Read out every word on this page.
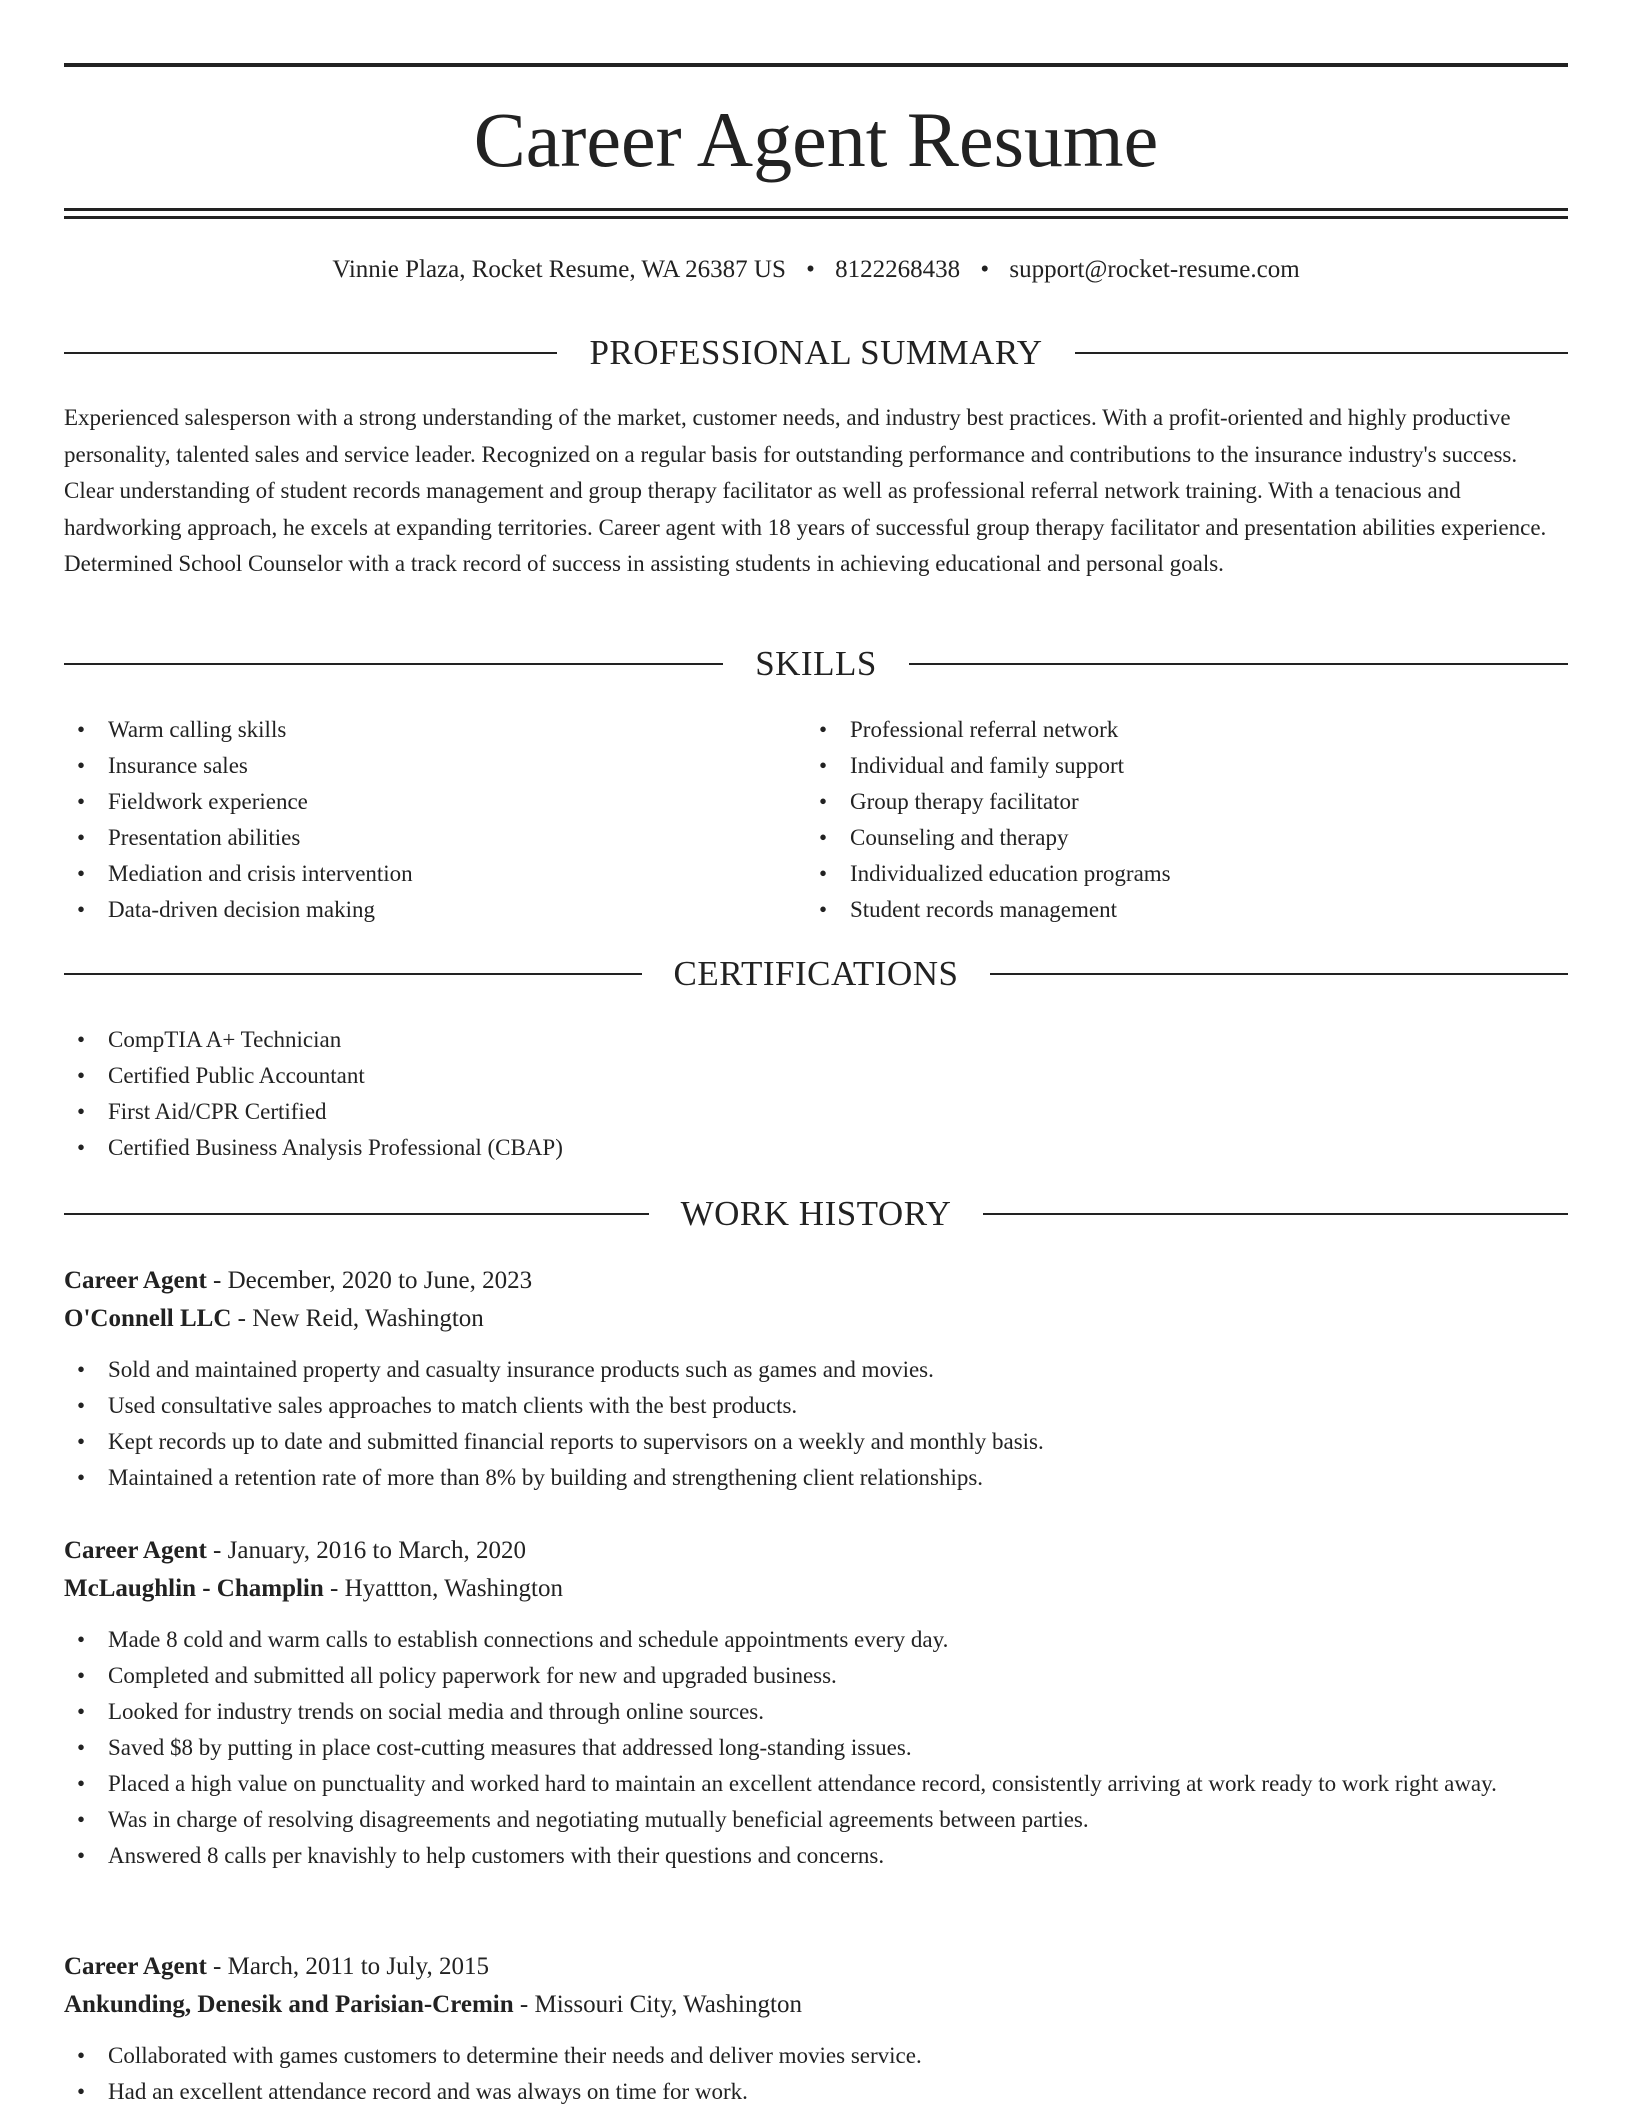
Career Agent Resume
Vinnie Plaza, Rocket Resume, WA 26387 US • 8122268438 • support@rocket-resume.com
PROFESSIONAL SUMMARY

Experienced salesperson with a strong understanding of the market, customer needs, and industry best practices. With a profit-oriented and highly productive personality, talented sales and service leader. Recognized on a regular basis for outstanding performance and contributions to the insurance industry's success. Clear understanding of student records management and group therapy facilitator as well as professional referral network training. With a tenacious and hardworking approach, he excels at expanding territories. Career agent with 18 years of successful group therapy facilitator and presentation abilities experience. Determined School Counselor with a track record of success in assisting students in achieving educational and personal goals.

SKILLS
• Warm calling skills
• Insurance sales
• Fieldwork experience
• Presentation abilities
• Mediation and crisis intervention
• Data-driven decision making
• Professional referral network
• Individual and family support
• Group therapy facilitator
• Counseling and therapy
• Individualized education programs
• Student records management
CERTIFICATIONS
• CompTIA A+ Technician
• Certified Public Accountant
• First Aid/CPR Certified
• Certified Business Analysis Professional (CBAP)
WORK HISTORY
Career Agent - December, 2020 to June, 2023
O'Connell LLC - New Reid, Washington
• Sold and maintained property and casualty insurance products such as games and movies.
• Used consultative sales approaches to match clients with the best products.
• Kept records up to date and submitted financial reports to supervisors on a weekly and monthly basis.
• Maintained a retention rate of more than 8% by building and strengthening client relationships.
Career Agent - January, 2016 to March, 2020
McLaughlin - Champlin - Hyattton, Washington
• Made 8 cold and warm calls to establish connections and schedule appointments every day.
• Completed and submitted all policy paperwork for new and upgraded business.
• Looked for industry trends on social media and through online sources.
• Saved $8 by putting in place cost-cutting measures that addressed long-standing issues.
• Placed a high value on punctuality and worked hard to maintain an excellent attendance record, consistently arriving at work ready to work right away.
• Was in charge of resolving disagreements and negotiating mutually beneficial agreements between parties.
• Answered 8 calls per knavishly to help customers with their questions and concerns.
Career Agent - March, 2011 to July, 2015
Ankunding, Denesik and Parisian-Cremin - Missouri City, Washington
• Collaborated with games customers to determine their needs and deliver movies service.
• Had an excellent attendance record and was always on time for work.
